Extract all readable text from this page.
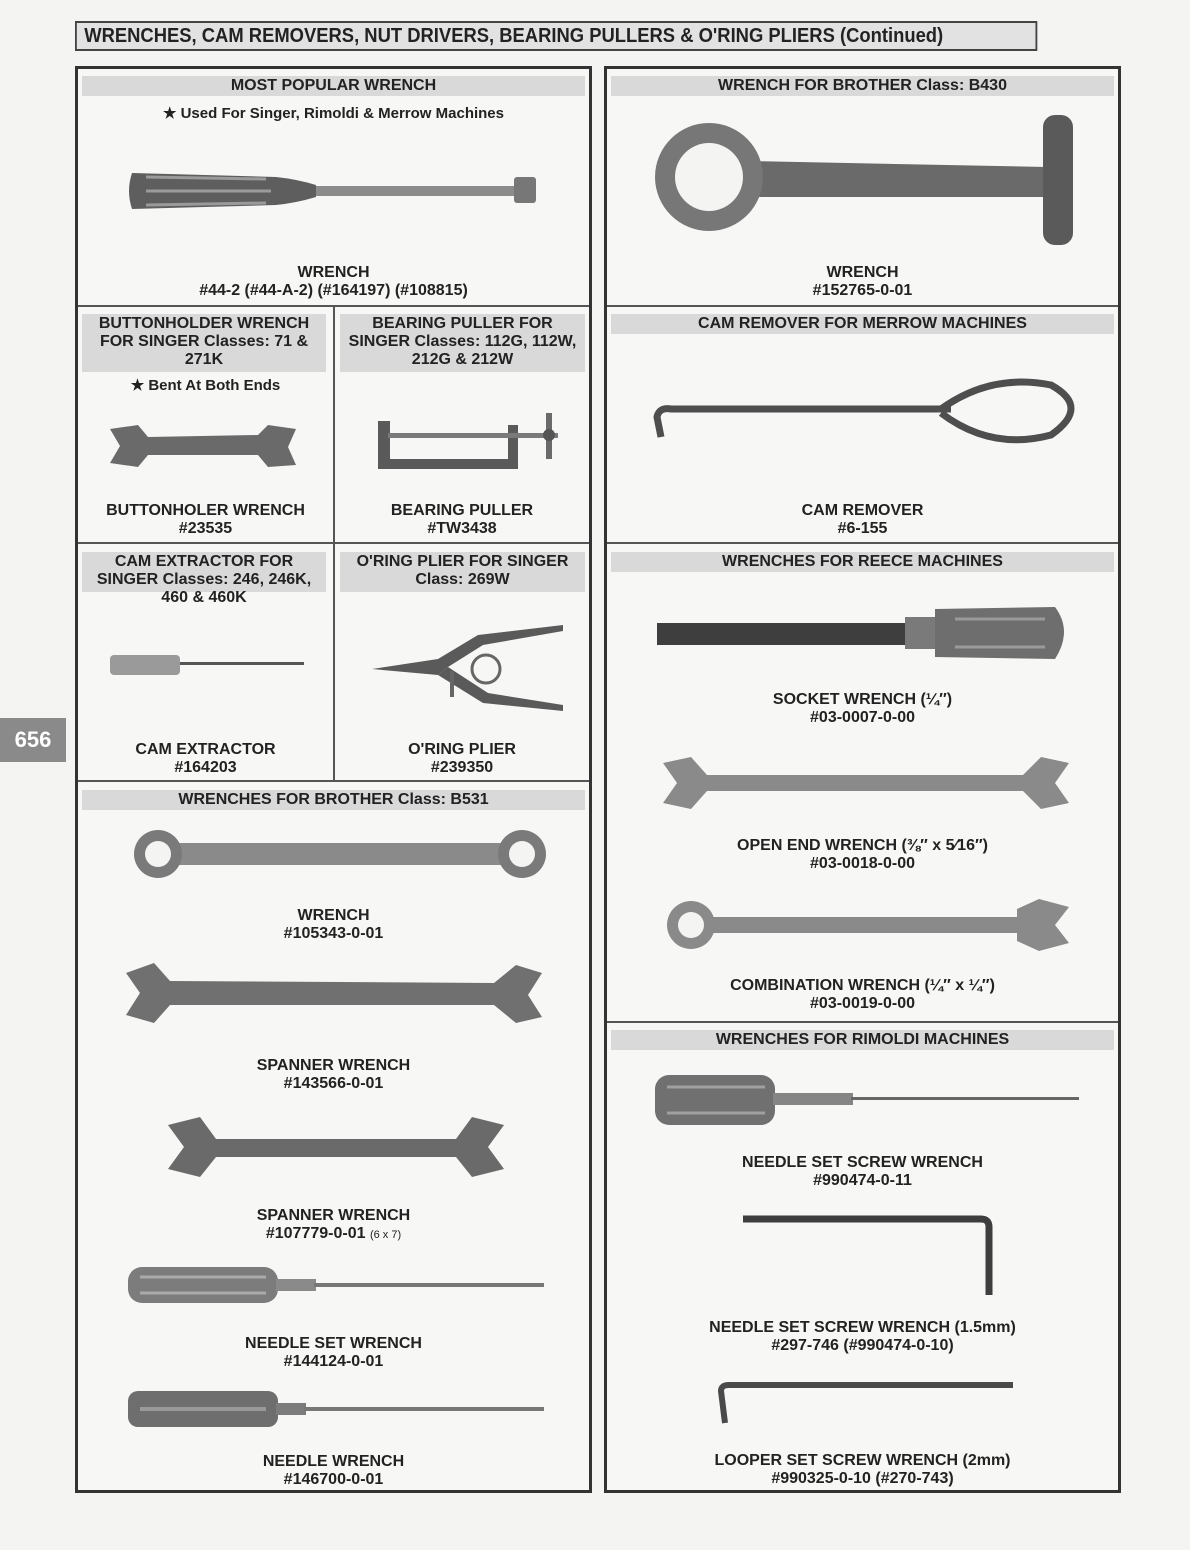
WRENCHES, CAM REMOVERS, NUT DRIVERS, BEARING PULLERS & O'RING PLIERS (Continued)
656
MOST POPULAR WRENCH
★ Used For Singer, Rimoldi & Merrow Machines
WRENCH
#44-2 (#44-A-2) (#164197) (#108815)
BUTTONHOLDER WRENCH FOR SINGER Classes: 71 & 271K
★ Bent At Both Ends
BUTTONHOLER WRENCH
#23535
BEARING PULLER FOR SINGER Classes: 112G, 112W, 212G & 212W
BEARING PULLER
#TW3438
CAM EXTRACTOR FOR SINGER Classes: 246, 246K, 460 & 460K
CAM EXTRACTOR
#164203
O'RING PLIER FOR SINGER Class: 269W
O'RING PLIER
#239350
WRENCHES FOR BROTHER Class: B531
WRENCH
#105343-0-01
SPANNER WRENCH
#143566-0-01
SPANNER WRENCH
#107779-0-01 (6 x 7)
NEEDLE SET WRENCH
#144124-0-01
NEEDLE WRENCH
#146700-0-01
WRENCH FOR BROTHER Class: B430
WRENCH
#152765-0-01
CAM REMOVER FOR MERROW MACHINES
CAM REMOVER
#6-155
WRENCHES FOR REECE MACHINES
SOCKET WRENCH (¼″)
#03-0007-0-00
OPEN END WRENCH (⅜″ x 5⁄16″)
#03-0018-0-00
COMBINATION WRENCH (¼″ x ¼″)
#03-0019-0-00
WRENCHES FOR RIMOLDI MACHINES
NEEDLE SET SCREW WRENCH
#990474-0-11
NEEDLE SET SCREW WRENCH (1.5mm)
#297-746 (#990474-0-10)
LOOPER SET SCREW WRENCH (2mm)
#990325-0-10 (#270-743)
